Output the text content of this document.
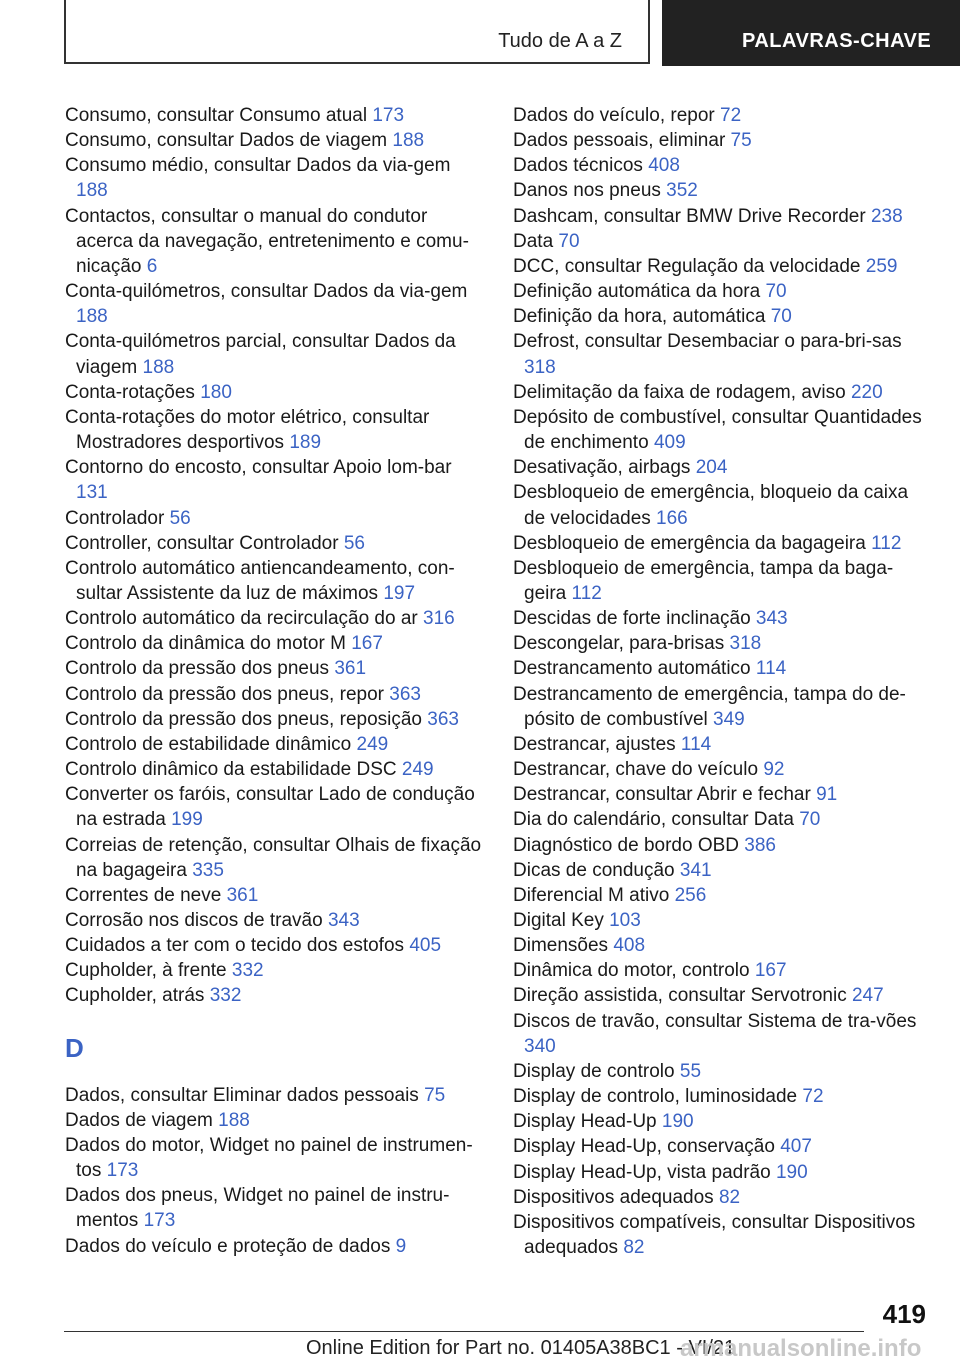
Tudo de A a Z	PALAVRAS-CHAVE

Consumo, consultar Consumo atual 173

Consumo, consultar Dados de viagem 188

Consumo médio, consultar Dados da via-gem 188

Contactos, consultar o manual do condutor acerca da navegação, entretenimento e comu-nicação 6

Conta-quilómetros, consultar Dados da via-gem 188

Conta-quilómetros parcial, consultar Dados da viagem 188

Conta-rotações 180

Conta-rotações do motor elétrico, consultar Mostradores desportivos 189

Contorno do encosto, consultar Apoio lom-bar 131

Controlador 56

Controller, consultar Controlador 56

Controlo automático antiencandeamento, con-sultar Assistente da luz de máximos 197

Controlo automático da recirculação do ar 316

Controlo da dinâmica do motor M 167

Controlo da pressão dos pneus 361

Controlo da pressão dos pneus, repor 363

Controlo da pressão dos pneus, reposição 363

Controlo de estabilidade dinâmico 249

Controlo dinâmico da estabilidade DSC 249

Converter os faróis, consultar Lado de condução na estrada 199

Correias de retenção, consultar Olhais de fixação na bagageira 335

Correntes de neve 361

Corrosão nos discos de travão 343

Cuidados a ter com o tecido dos estofos 405

Cupholder, à frente 332

Cupholder, atrás 332

D

Dados, consultar Eliminar dados pessoais 75

Dados de viagem 188

Dados do motor, Widget no painel de instrumen-tos 173

Dados dos pneus, Widget no painel de instru-mentos 173

Dados do veículo e proteção de dados 9

Dados do veículo, repor 72

Dados pessoais, eliminar 75

Dados técnicos 408

Danos nos pneus 352

Dashcam, consultar BMW Drive Recorder 238

Data 70

DCC, consultar Regulação da velocidade 259

Definição automática da hora 70

Definição da hora, automática 70

Defrost, consultar Desembaciar o para-bri-sas 318

Delimitação da faixa de rodagem, aviso 220

Depósito de combustível, consultar Quantidades de enchimento 409

Desativação, airbags 204

Desbloqueio de emergência, bloqueio da caixa de velocidades 166

Desbloqueio de emergência da bagageira 112

Desbloqueio de emergência, tampa da baga-geira 112

Descidas de forte inclinação 343

Descongelar, para-brisas 318

Destrancamento automático 114

Destrancamento de emergência, tampa do de-pósito de combustível 349

Destrancar, ajustes 114

Destrancar, chave do veículo 92

Destrancar, consultar Abrir e fechar 91

Dia do calendário, consultar Data 70

Diagnóstico de bordo OBD 386

Dicas de condução 341

Diferencial M ativo 256

Digital Key 103

Dimensões 408

Dinâmica do motor, controlo 167

Direção assistida, consultar Servotronic 247

Discos de travão, consultar Sistema de tra-vões 340

Display de controlo 55

Display de controlo, luminosidade 72

Display Head-Up 190

Display Head-Up, conservação 407

Display Head-Up, vista padrão 190

Dispositivos adequados 82

Dispositivos compatíveis, consultar Dispositivos adequados 82

419
Online Edition for Part no. 01405A38BC1 - VI/21
armanualsonline.info
